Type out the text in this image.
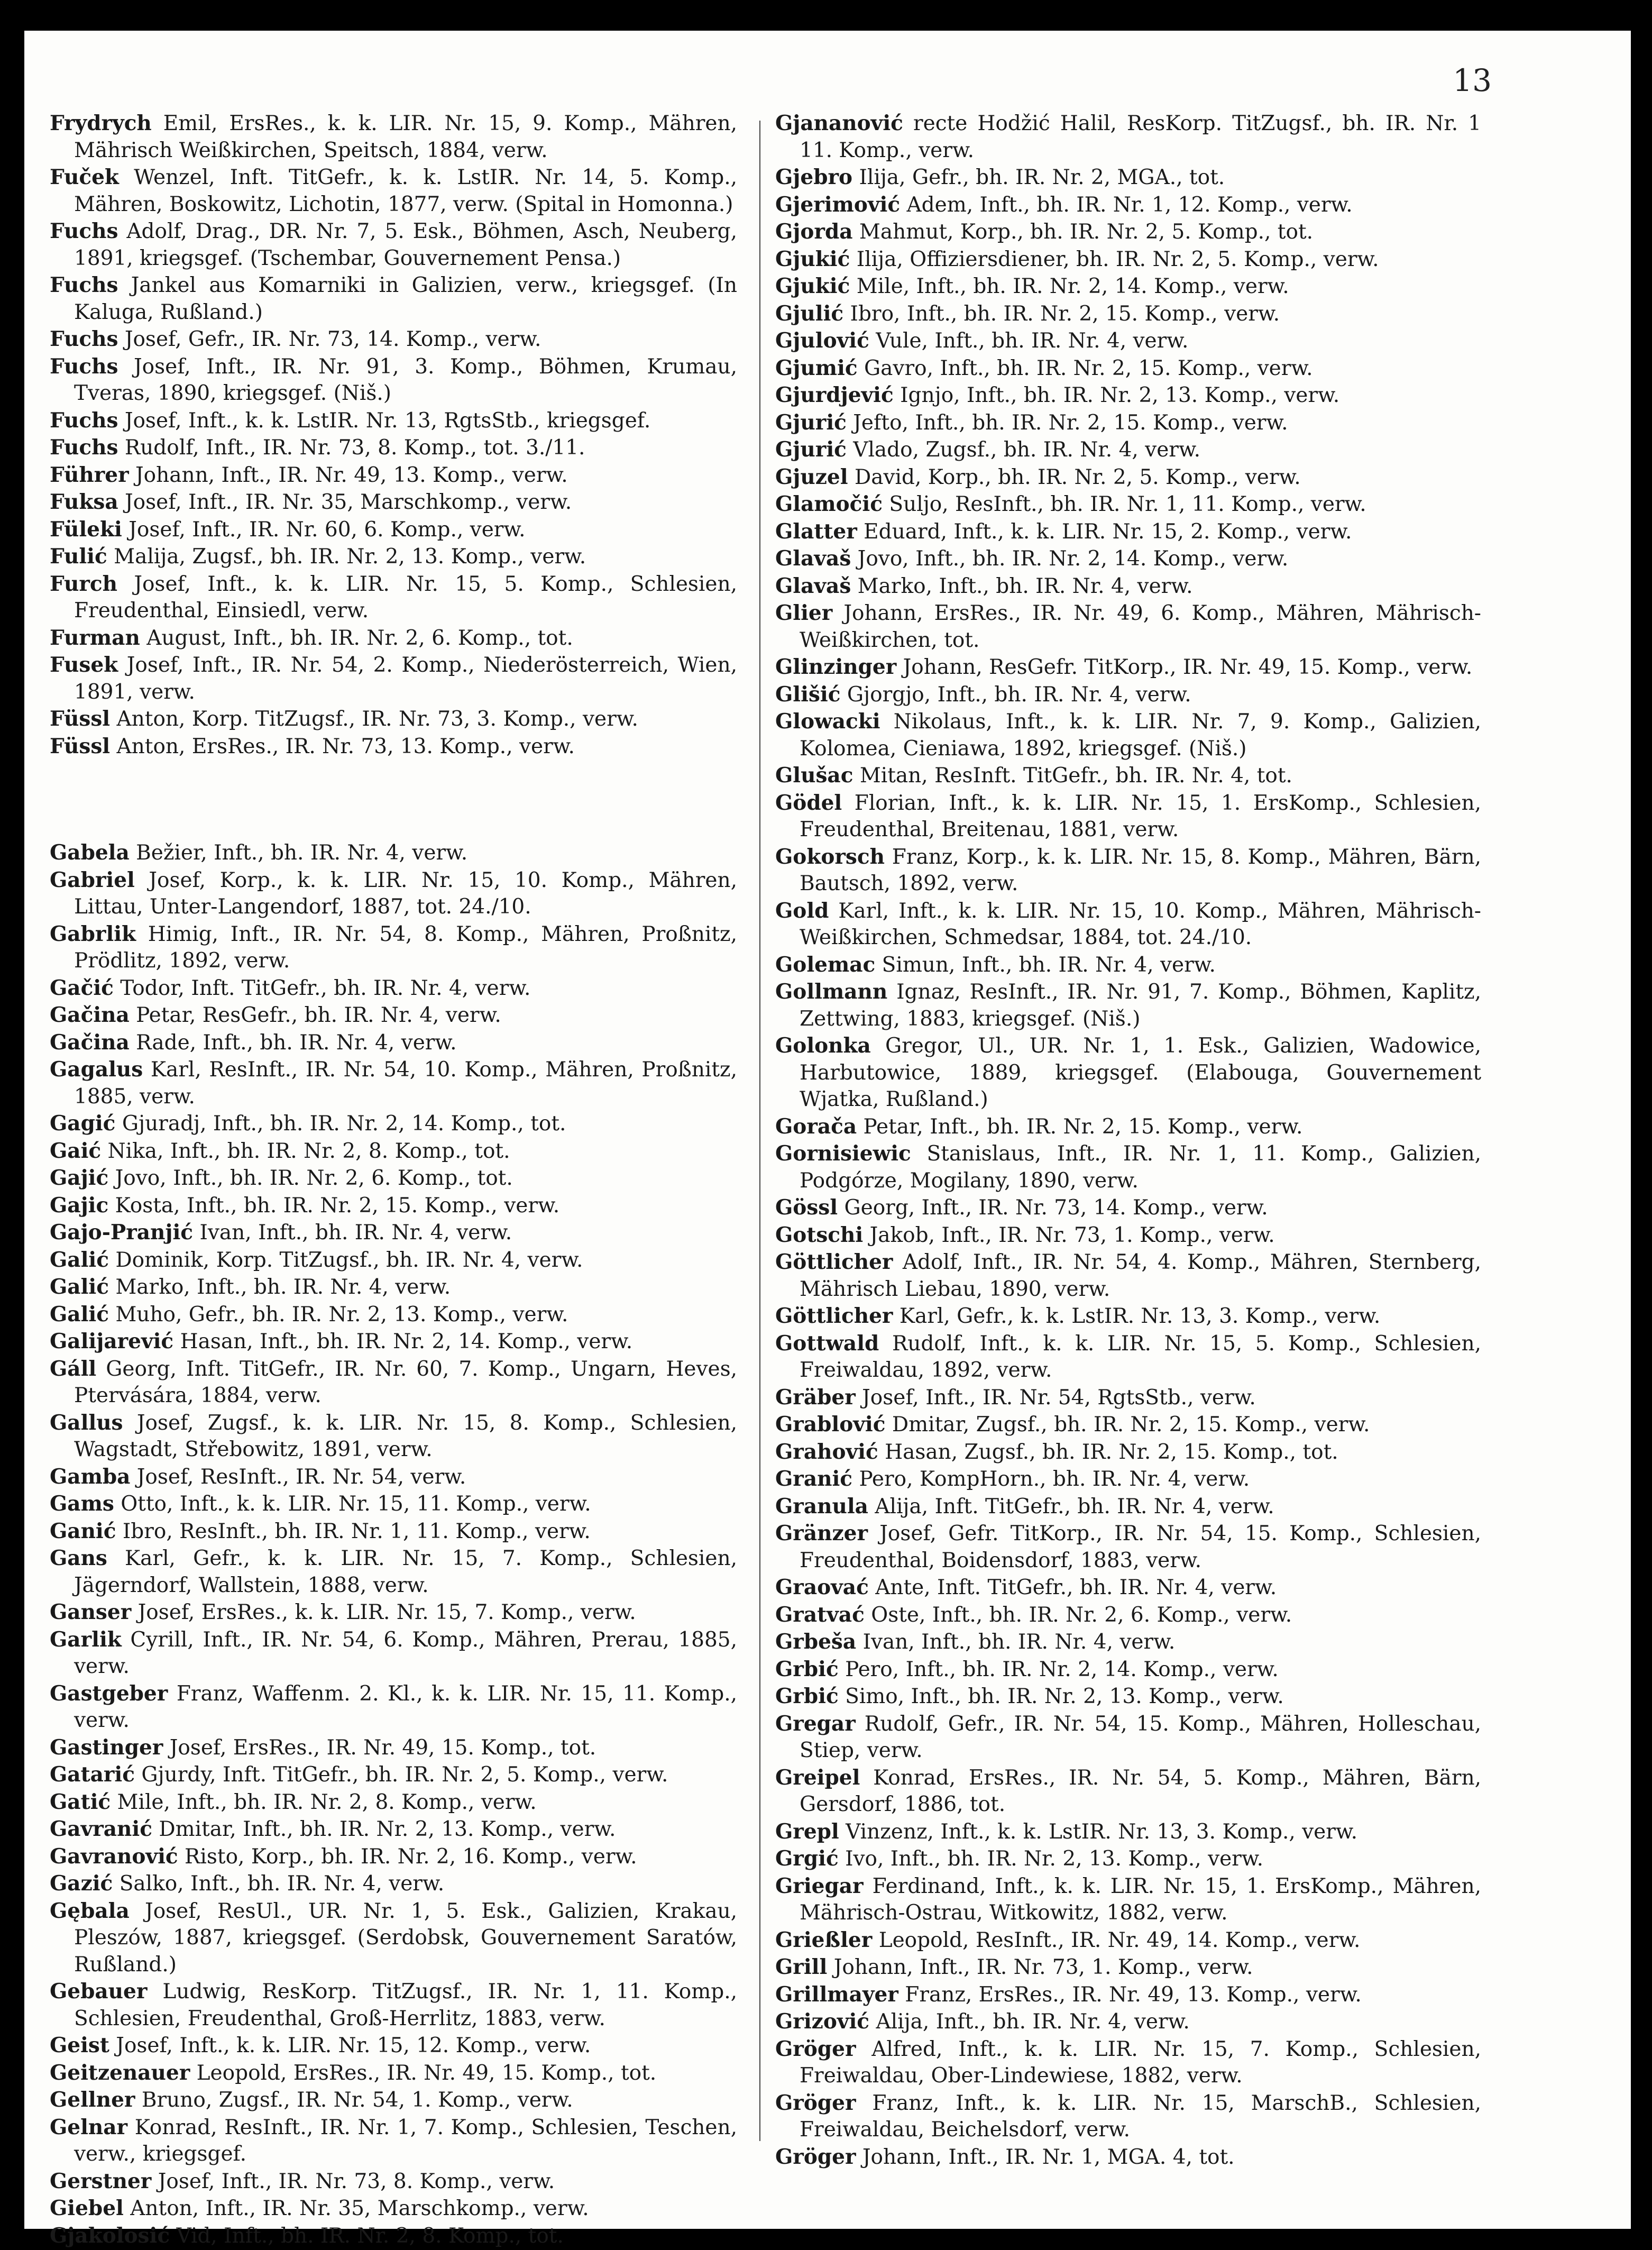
13

Frydrych Emil, ErsRes., k. k. LIR. Nr. 15, 9. Komp., Mähren, Mährisch Weißkirchen, Speitsch, 1884, verw.

Fuček Wenzel, Inft. TitGefr., k. k. LstIR. Nr. 14, 5. Komp., Mähren, Boskowitz, Lichotin, 1877, verw. (Spital in Homonna.)

Fuchs Adolf, Drag., DR. Nr. 7, 5. Esk., Böhmen, Asch, Neuberg, 1891, kriegsgef. (Tschembar, Gouvernement Pensa.)

Fuchs Jankel aus Komarniki in Galizien, verw., kriegsgef. (In Kaluga, Rußland.)

Fuchs Josef, Gefr., IR. Nr. 73, 14. Komp., verw.

Fuchs Josef, Inft., IR. Nr. 91, 3. Komp., Böhmen, Krumau, Tveras, 1890, kriegsgef. (Niš.)

Fuchs Josef, Inft., k. k. LstIR. Nr. 13, RgtsStb., kriegsgef.

Fuchs Rudolf, Inft., IR. Nr. 73, 8. Komp., tot. 3./11.

Führer Johann, Inft., IR. Nr. 49, 13. Komp., verw.

Fuksa Josef, Inft., IR. Nr. 35, Marschkomp., verw.

Füleki Josef, Inft., IR. Nr. 60, 6. Komp., verw.

Fulić Malija, Zugsf., bh. IR. Nr. 2, 13. Komp., verw.

Furch Josef, Inft., k. k. LIR. Nr. 15, 5. Komp., Schlesien, Freudenthal, Einsiedl, verw.

Furman August, Inft., bh. IR. Nr. 2, 6. Komp., tot.

Fusek Josef, Inft., IR. Nr. 54, 2. Komp., Niederösterreich, Wien, 1891, verw.

Füssl Anton, Korp. TitZugsf., IR. Nr. 73, 3. Komp., verw.

Füssl Anton, ErsRes., IR. Nr. 73, 13. Komp., verw.

Gabela Bežier, Inft., bh. IR. Nr. 4, verw.

Gabriel Josef, Korp., k. k. LIR. Nr. 15, 10. Komp., Mähren, Littau, Unter-Langendorf, 1887, tot. 24./10.

Gabrlik Himig, Inft., IR. Nr. 54, 8. Komp., Mähren, Proßnitz, Prödlitz, 1892, verw.

Gačić Todor, Inft. TitGefr., bh. IR. Nr. 4, verw.

Gačina Petar, ResGefr., bh. IR. Nr. 4, verw.

Gačina Rade, Inft., bh. IR. Nr. 4, verw.

Gagalus Karl, ResInft., IR. Nr. 54, 10. Komp., Mähren, Proßnitz, 1885, verw.

Gagić Gjuradj, Inft., bh. IR. Nr. 2, 14. Komp., tot.

Gaić Nika, Inft., bh. IR. Nr. 2, 8. Komp., tot.

Gajić Jovo, Inft., bh. IR. Nr. 2, 6. Komp., tot.

Gajic Kosta, Inft., bh. IR. Nr. 2, 15. Komp., verw.

Gajo-Pranjić Ivan, Inft., bh. IR. Nr. 4, verw.

Galić Dominik, Korp. TitZugsf., bh. IR. Nr. 4, verw.

Galić Marko, Inft., bh. IR. Nr. 4, verw.

Galić Muho, Gefr., bh. IR. Nr. 2, 13. Komp., verw.

Galijarević Hasan, Inft., bh. IR. Nr. 2, 14. Komp., verw.

Gáll Georg, Inft. TitGefr., IR. Nr. 60, 7. Komp., Ungarn, Heves, Ptervására, 1884, verw.

Gallus Josef, Zugsf., k. k. LIR. Nr. 15, 8. Komp., Schlesien, Wagstadt, Střebowitz, 1891, verw.

Gamba Josef, ResInft., IR. Nr. 54, verw.

Gams Otto, Inft., k. k. LIR. Nr. 15, 11. Komp., verw.

Ganić Ibro, ResInft., bh. IR. Nr. 1, 11. Komp., verw.

Gans Karl, Gefr., k. k. LIR. Nr. 15, 7. Komp., Schlesien, Jägerndorf, Wallstein, 1888, verw.

Ganser Josef, ErsRes., k. k. LIR. Nr. 15, 7. Komp., verw.

Garlik Cyrill, Inft., IR. Nr. 54, 6. Komp., Mähren, Prerau, 1885, verw.

Gastgeber Franz, Waffenm. 2. Kl., k. k. LIR. Nr. 15, 11. Komp., verw.

Gastinger Josef, ErsRes., IR. Nr. 49, 15. Komp., tot.

Gatarić Gjurdy, Inft. TitGefr., bh. IR. Nr. 2, 5. Komp., verw.

Gatić Mile, Inft., bh. IR. Nr. 2, 8. Komp., verw.

Gavranić Dmitar, Inft., bh. IR. Nr. 2, 13. Komp., verw.

Gavranović Risto, Korp., bh. IR. Nr. 2, 16. Komp., verw.

Gazić Salko, Inft., bh. IR. Nr. 4, verw.

Gębala Josef, ResUl., UR. Nr. 1, 5. Esk., Galizien, Krakau, Pleszów, 1887, kriegsgef. (Serdobsk, Gouvernement Saratów, Rußland.)

Gebauer Ludwig, ResKorp. TitZugsf., IR. Nr. 1, 11. Komp., Schlesien, Freudenthal, Groß-Herrlitz, 1883, verw.

Geist Josef, Inft., k. k. LIR. Nr. 15, 12. Komp., verw.

Geitzenauer Leopold, ErsRes., IR. Nr. 49, 15. Komp., tot.

Gellner Bruno, Zugsf., IR. Nr. 54, 1. Komp., verw.

Gelnar Konrad, ResInft., IR. Nr. 1, 7. Komp., Schlesien, Teschen, verw., kriegsgef.

Gerstner Josef, Inft., IR. Nr. 73, 8. Komp., verw.

Giebel Anton, Inft., IR. Nr. 35, Marschkomp., verw.

Gjakolosić Vid, Inft., bh. IR. Nr. 2, 8. Komp., tot.

Gjananović recte Hodžić Halil, ResKorp. TitZugsf., bh. IR. Nr. 1 11. Komp., verw.

Gjebro Ilija, Gefr., bh. IR. Nr. 2, MGA., tot.

Gjerimović Adem, Inft., bh. IR. Nr. 1, 12. Komp., verw.

Gjorda Mahmut, Korp., bh. IR. Nr. 2, 5. Komp., tot.

Gjukić Ilija, Offiziersdiener, bh. IR. Nr. 2, 5. Komp., verw.

Gjukić Mile, Inft., bh. IR. Nr. 2, 14. Komp., verw.

Gjulić Ibro, Inft., bh. IR. Nr. 2, 15. Komp., verw.

Gjulović Vule, Inft., bh. IR. Nr. 4, verw.

Gjumić Gavro, Inft., bh. IR. Nr. 2, 15. Komp., verw.

Gjurdjević Ignjo, Inft., bh. IR. Nr. 2, 13. Komp., verw.

Gjurić Jefto, Inft., bh. IR. Nr. 2, 15. Komp., verw.

Gjurić Vlado, Zugsf., bh. IR. Nr. 4, verw.

Gjuzel David, Korp., bh. IR. Nr. 2, 5. Komp., verw.

Glamočić Suljo, ResInft., bh. IR. Nr. 1, 11. Komp., verw.

Glatter Eduard, Inft., k. k. LIR. Nr. 15, 2. Komp., verw.

Glavaš Jovo, Inft., bh. IR. Nr. 2, 14. Komp., verw.

Glavaš Marko, Inft., bh. IR. Nr. 4, verw.

Glier Johann, ErsRes., IR. Nr. 49, 6. Komp., Mähren, Mährisch-Weißkirchen, tot.

Glinzinger Johann, ResGefr. TitKorp., IR. Nr. 49, 15. Komp., verw.

Glišić Gjorgjo, Inft., bh. IR. Nr. 4, verw.

Glowacki Nikolaus, Inft., k. k. LIR. Nr. 7, 9. Komp., Galizien, Kolomea, Cieniawa, 1892, kriegsgef. (Niš.)

Glušac Mitan, ResInft. TitGefr., bh. IR. Nr. 4, tot.

Gödel Florian, Inft., k. k. LIR. Nr. 15, 1. ErsKomp., Schlesien, Freudenthal, Breitenau, 1881, verw.

Gokorsch Franz, Korp., k. k. LIR. Nr. 15, 8. Komp., Mähren, Bärn, Bautsch, 1892, verw.

Gold Karl, Inft., k. k. LIR. Nr. 15, 10. Komp., Mähren, Mährisch-Weißkirchen, Schmedsar, 1884, tot. 24./10.

Golemac Simun, Inft., bh. IR. Nr. 4, verw.

Gollmann Ignaz, ResInft., IR. Nr. 91, 7. Komp., Böhmen, Kaplitz, Zettwing, 1883, kriegsgef. (Niš.)

Golonka Gregor, Ul., UR. Nr. 1, 1. Esk., Galizien, Wadowice, Harbutowice, 1889, kriegsgef. (Elabouga, Gouvernement Wjatka, Rußland.)

Gorača Petar, Inft., bh. IR. Nr. 2, 15. Komp., verw.

Gornisiewic Stanislaus, Inft., IR. Nr. 1, 11. Komp., Galizien, Podgórze, Mogilany, 1890, verw.

Gössl Georg, Inft., IR. Nr. 73, 14. Komp., verw.

Gotschi Jakob, Inft., IR. Nr. 73, 1. Komp., verw.

Göttlicher Adolf, Inft., IR. Nr. 54, 4. Komp., Mähren, Sternberg, Mährisch Liebau, 1890, verw.

Göttlicher Karl, Gefr., k. k. LstIR. Nr. 13, 3. Komp., verw.

Gottwald Rudolf, Inft., k. k. LIR. Nr. 15, 5. Komp., Schlesien, Freiwaldau, 1892, verw.

Gräber Josef, Inft., IR. Nr. 54, RgtsStb., verw.

Grablović Dmitar, Zugsf., bh. IR. Nr. 2, 15. Komp., verw.

Grahović Hasan, Zugsf., bh. IR. Nr. 2, 15. Komp., tot.

Granić Pero, KompHorn., bh. IR. Nr. 4, verw.

Granula Alija, Inft. TitGefr., bh. IR. Nr. 4, verw.

Gränzer Josef, Gefr. TitKorp., IR. Nr. 54, 15. Komp., Schlesien, Freudenthal, Boidensdorf, 1883, verw.

Graovać Ante, Inft. TitGefr., bh. IR. Nr. 4, verw.

Gratvać Oste, Inft., bh. IR. Nr. 2, 6. Komp., verw.

Grbeša Ivan, Inft., bh. IR. Nr. 4, verw.

Grbić Pero, Inft., bh. IR. Nr. 2, 14. Komp., verw.

Grbić Simo, Inft., bh. IR. Nr. 2, 13. Komp., verw.

Gregar Rudolf, Gefr., IR. Nr. 54, 15. Komp., Mähren, Holleschau, Stiep, verw.

Greipel Konrad, ErsRes., IR. Nr. 54, 5. Komp., Mähren, Bärn, Gersdorf, 1886, tot.

Grepl Vinzenz, Inft., k. k. LstIR. Nr. 13, 3. Komp., verw.

Grgić Ivo, Inft., bh. IR. Nr. 2, 13. Komp., verw.

Griegar Ferdinand, Inft., k. k. LIR. Nr. 15, 1. ErsKomp., Mähren, Mährisch-Ostrau, Witkowitz, 1882, verw.

Grießler Leopold, ResInft., IR. Nr. 49, 14. Komp., verw.

Grill Johann, Inft., IR. Nr. 73, 1. Komp., verw.

Grillmayer Franz, ErsRes., IR. Nr. 49, 13. Komp., verw.

Grizović Alija, Inft., bh. IR. Nr. 4, verw.

Gröger Alfred, Inft., k. k. LIR. Nr. 15, 7. Komp., Schlesien, Freiwaldau, Ober-Lindewiese, 1882, verw.

Gröger Franz, Inft., k. k. LIR. Nr. 15, MarschB., Schlesien, Freiwaldau, Beichelsdorf, verw.

Gröger Johann, Inft., IR. Nr. 1, MGA. 4, tot.
